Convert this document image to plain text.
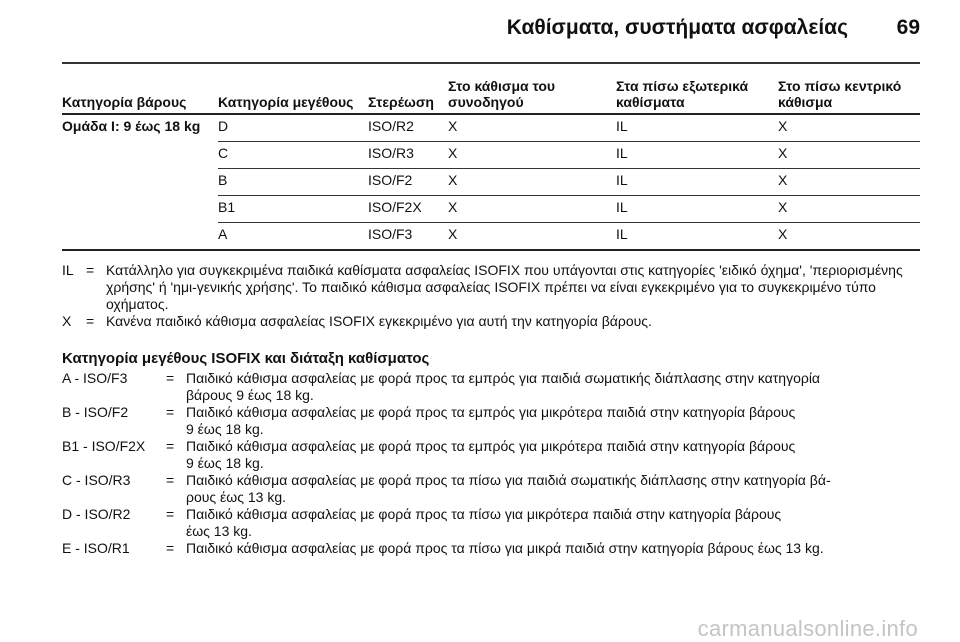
Καθίσματα, συστήματα ασφαλείας 69
Κατηγορία βάρους	Κατηγορία μεγέθους	Στερέωση	Στο κάθισμα του συνοδηγού	Στα πίσω εξωτερικά καθίσματα	Στο πίσω κεντρικό κάθισμα
Ομάδα I: 9 έως 18 kg	D	ISO/R2	X	IL	X
	C	ISO/R3	X	IL	X
	B	ISO/F2	X	IL	X
	B1	ISO/F2X	X	IL	X
	A	ISO/F3	X	IL	X
IL = Κατάλληλο για συγκεκριμένα παιδικά καθίσματα ασφαλείας ISOFIX που υπάγονται στις κατηγορίες 'ειδικό όχημα', 'περιορισμένης χρήσης' ή 'ημι-γενικής χρήσης'. Το παιδικό κάθισμα ασφαλείας ISOFIX πρέπει να είναι εγκεκριμένο για το συγκεκριμένο τύπο οχήματος.
X	= Κανένα παιδικό κάθισμα ασφαλείας ISOFIX εγκεκριμένο για αυτή την κατηγορία βάρους.
Κατηγορία μεγέθους ISOFIX και διάταξη καθίσματος
A - ISO/F3	= Παιδικό κάθισμα ασφαλείας με φορά προς τα εμπρός για παιδιά σωματικής διάπλασης στην κατηγορία
βάρους 9 έως 18 kg.
B - ISO/F2	= Παιδικό κάθισμα ασφαλείας με φορά προς τα εμπρός για μικρότερα παιδιά στην κατηγορία βάρους
9 έως 18 kg.
B1 - ISO/F2X	= Παιδικό κάθισμα ασφαλείας με φορά προς τα εμπρός για μικρότερα παιδιά στην κατηγορία βάρους
9 έως 18 kg.
C - ISO/R3	= Παιδικό κάθισμα ασφαλείας με φορά προς τα πίσω για παιδιά σωματικής διάπλασης στην κατηγορία βά-
ρους έως 13 kg.
D - ISO/R2	= Παιδικό κάθισμα ασφαλείας με φορά προς τα πίσω για μικρότερα παιδιά στην κατηγορία βάρους
έως 13 kg.
E - ISO/R1	= Παιδικό κάθισμα ασφαλείας με φορά προς τα πίσω για μικρά παιδιά στην κατηγορία βάρους έως 13 kg.
carmanualsonline.info
